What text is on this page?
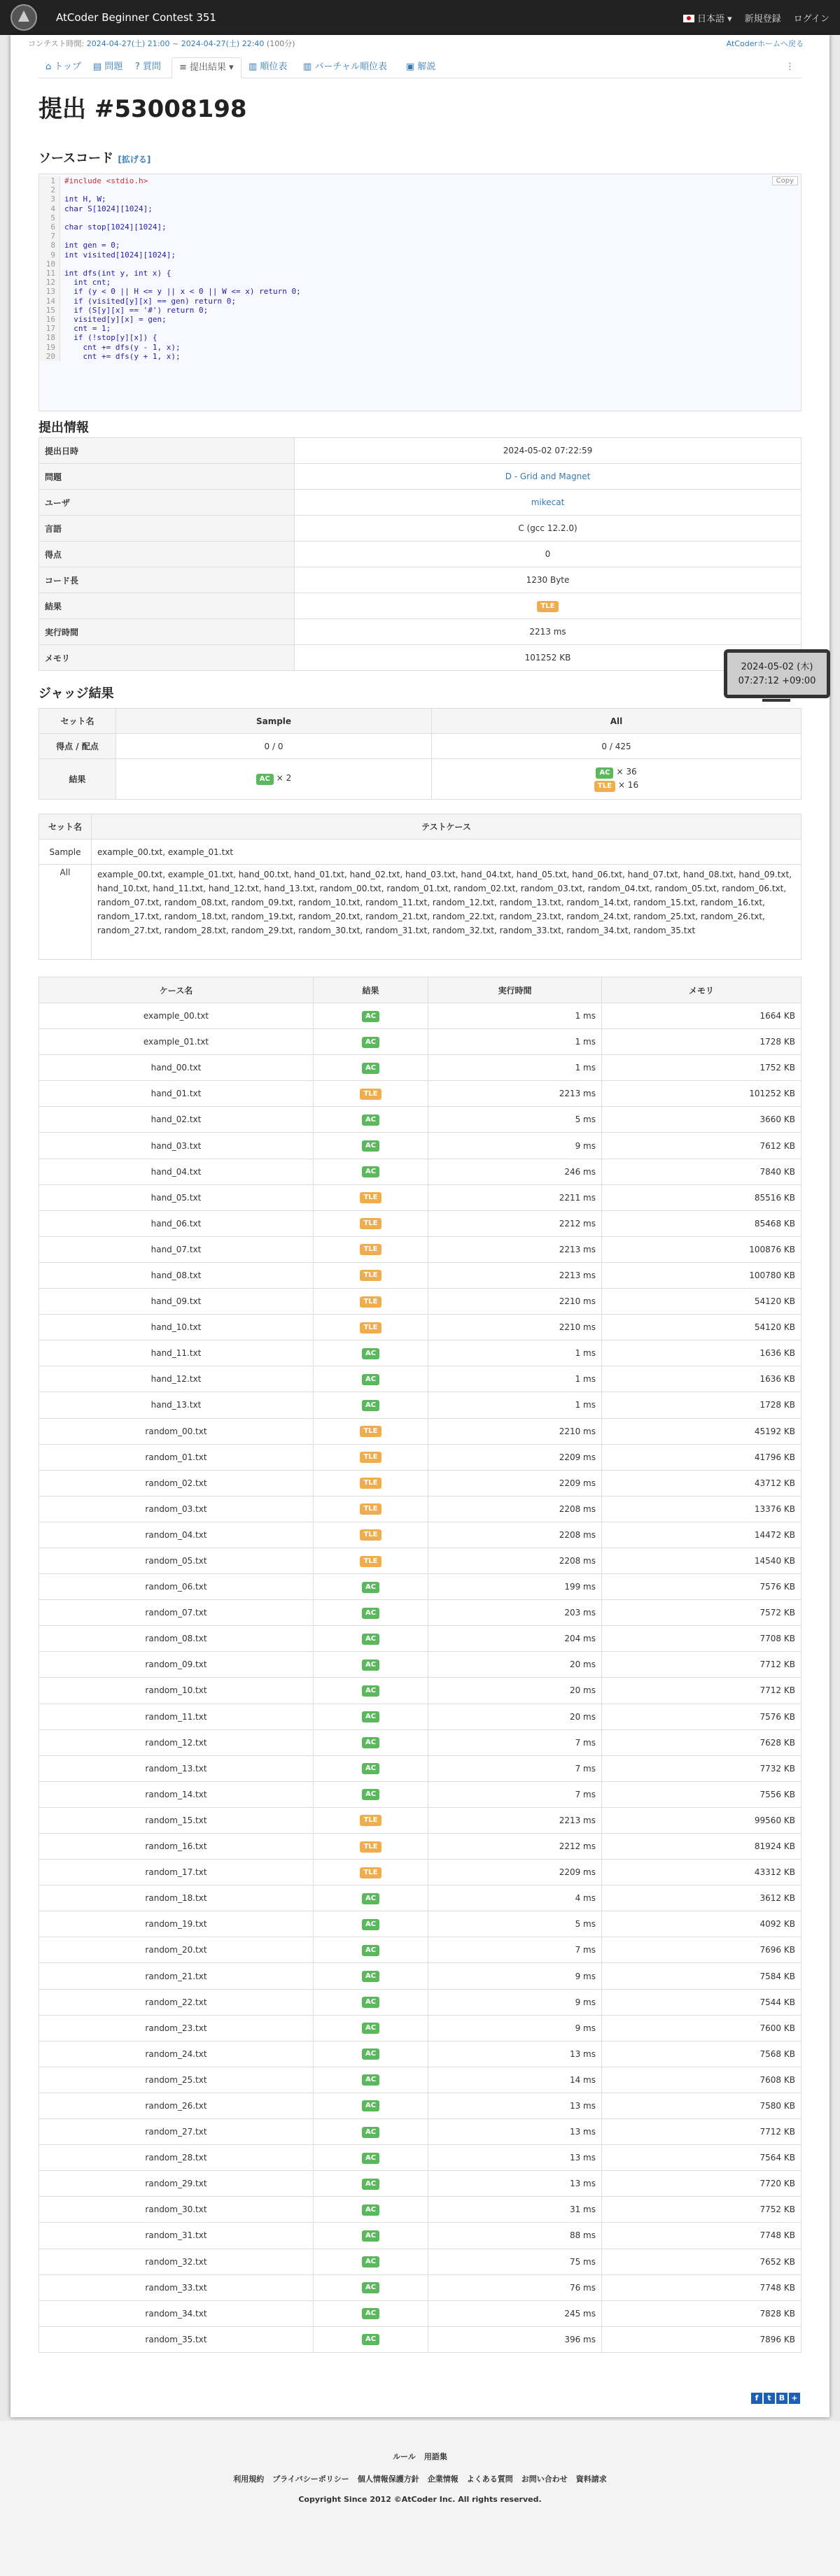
AtCoder Beginner Contest 351	日本語 ▾	新規登録	ログイン
コンテスト時間: 2024-04-27(土) 21:00 ~ 2024-04-27(土) 22:40 (100分)	AtCoderホームへ戻る
⌂ トップ	▤ 問題	? 質問	≡ 提出結果 ▾	▥ 順位表	▥ バーチャル順位表	▣ 解説	⋮
提出 #53008198
ソースコード [拡げる]
Copy
1	#include <stdio.h>
2
3	int H, W;
4	char S[1024][1024];
5
6	char stop[1024][1024];
7
8	int gen = 0;
9	int visited[1024][1024];
10
11	int dfs(int y, int x) {
12	int cnt;
13	if (y < 0 || H <= y || x < 0 || W <= x) return 0;
14	if (visited[y][x] == gen) return 0;
15	if (S[y][x] == '#') return 0;
16	visited[y][x] = gen;
17	cnt = 1;
18	if (!stop[y][x]) {
19	cnt += dfs(y - 1, x);
20	cnt += dfs(y + 1, x);
提出情報
提出日時	2024-05-02 07:22:59
問題	D - Grid and Magnet
ユーザ	mikecat
言語	C (gcc 12.2.0)
得点	0
コード長	1230 Byte
結果	TLE
実行時間	2213 ms
メモリ	101252 KB
2024-05-02 (木)
07:27:12 +09:00
ジャッジ結果
セット名	Sample	All
得点 / 配点	0 / 0	0 / 425
結果	AC × 2	AC × 36
TLE × 16
セット名	テストケース
Sample	example_00.txt, example_01.txt
All	example_00.txt, example_01.txt, hand_00.txt, hand_01.txt, hand_02.txt, hand_03.txt, hand_04.txt, hand_05.txt, hand_06.txt, hand_07.txt, hand_08.txt, hand_09.txt, hand_10.txt, hand_11.txt, hand_12.txt, hand_13.txt, random_00.txt, random_01.txt, random_02.txt, random_03.txt, random_04.txt, random_05.txt, random_06.txt, random_07.txt, random_08.txt, random_09.txt, random_10.txt, random_11.txt, random_12.txt, random_13.txt, random_14.txt, random_15.txt, random_16.txt, random_17.txt, random_18.txt, random_19.txt, random_20.txt, random_21.txt, random_22.txt, random_23.txt, random_24.txt, random_25.txt, random_26.txt, random_27.txt, random_28.txt, random_29.txt, random_30.txt, random_31.txt, random_32.txt, random_33.txt, random_34.txt, random_35.txt
ケース名	結果	実行時間	メモリ
example_00.txt	AC	1 ms	1664 KB
example_01.txt	AC	1 ms	1728 KB
hand_00.txt	AC	1 ms	1752 KB
hand_01.txt	TLE	2213 ms	101252 KB
hand_02.txt	AC	5 ms	3660 KB
hand_03.txt	AC	9 ms	7612 KB
hand_04.txt	AC	246 ms	7840 KB
hand_05.txt	TLE	2211 ms	85516 KB
hand_06.txt	TLE	2212 ms	85468 KB
hand_07.txt	TLE	2213 ms	100876 KB
hand_08.txt	TLE	2213 ms	100780 KB
hand_09.txt	TLE	2210 ms	54120 KB
hand_10.txt	TLE	2210 ms	54120 KB
hand_11.txt	AC	1 ms	1636 KB
hand_12.txt	AC	1 ms	1636 KB
hand_13.txt	AC	1 ms	1728 KB
random_00.txt	TLE	2210 ms	45192 KB
random_01.txt	TLE	2209 ms	41796 KB
random_02.txt	TLE	2209 ms	43712 KB
random_03.txt	TLE	2208 ms	13376 KB
random_04.txt	TLE	2208 ms	14472 KB
random_05.txt	TLE	2208 ms	14540 KB
random_06.txt	AC	199 ms	7576 KB
random_07.txt	AC	203 ms	7572 KB
random_08.txt	AC	204 ms	7708 KB
random_09.txt	AC	20 ms	7712 KB
random_10.txt	AC	20 ms	7712 KB
random_11.txt	AC	20 ms	7576 KB
random_12.txt	AC	7 ms	7628 KB
random_13.txt	AC	7 ms	7732 KB
random_14.txt	AC	7 ms	7556 KB
random_15.txt	TLE	2213 ms	99560 KB
random_16.txt	TLE	2212 ms	81924 KB
random_17.txt	TLE	2209 ms	43312 KB
random_18.txt	AC	4 ms	3612 KB
random_19.txt	AC	5 ms	4092 KB
random_20.txt	AC	7 ms	7696 KB
random_21.txt	AC	9 ms	7584 KB
random_22.txt	AC	9 ms	7544 KB
random_23.txt	AC	9 ms	7600 KB
random_24.txt	AC	13 ms	7568 KB
random_25.txt	AC	14 ms	7608 KB
random_26.txt	AC	13 ms	7580 KB
random_27.txt	AC	13 ms	7712 KB
random_28.txt	AC	13 ms	7564 KB
random_29.txt	AC	13 ms	7720 KB
random_30.txt	AC	31 ms	7752 KB
random_31.txt	AC	88 ms	7748 KB
random_32.txt	AC	75 ms	7652 KB
random_33.txt	AC	76 ms	7748 KB
random_34.txt	AC	245 ms	7828 KB
random_35.txt	AC	396 ms	7896 KB
f	t	B +
ルール 用語集
利用規約 プライバシーポリシー 個人情報保護方針 企業情報 よくある質問 お問い合わせ 資料請求
Copyright Since 2012 ©AtCoder Inc. All rights reserved.
